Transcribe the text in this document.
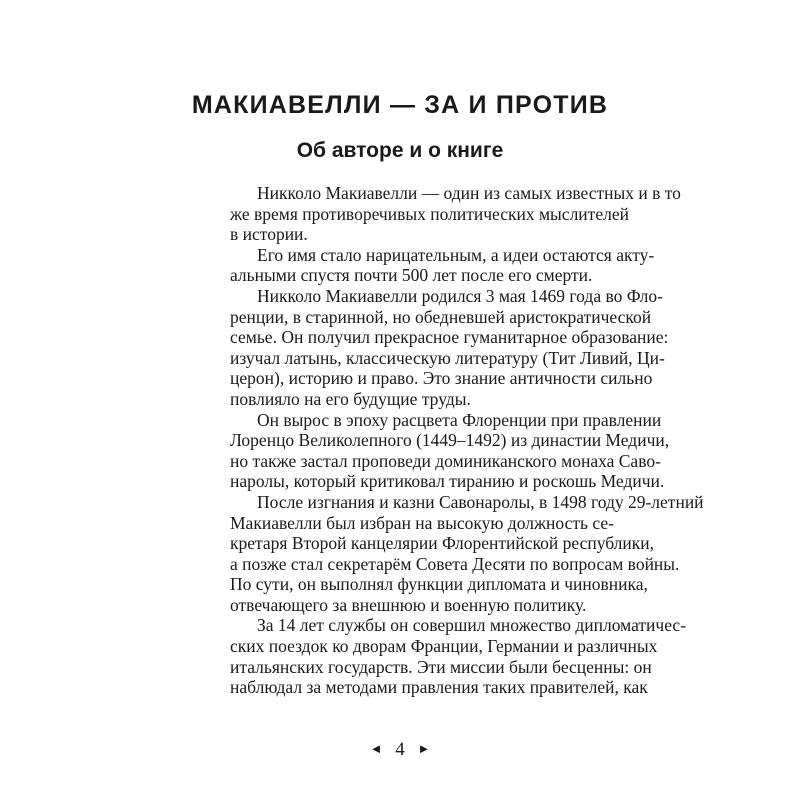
МАКИАВЕЛЛИ — ЗА И ПРОТИВ
Об авторе и о книге
Никколо Макиавелли — один из самых известных и в то
же время противоречивых политических мыслителей
в истории.
Его имя стало нарицательным, а идеи остаются акту-
альными спустя почти 500 лет после его смерти.
Никколо Макиавелли родился 3 мая 1469 года во Фло-
ренции, в старинной, но обедневшей аристократической
семье. Он получил прекрасное гуманитарное образование:
изучал латынь, классическую литературу (Тит Ливий, Ци-
церон), историю и право. Это знание античности сильно
повлияло на его будущие труды.
Он вырос в эпоху расцвета Флоренции при правлении
Лоренцо Великолепного (1449–1492) из династии Медичи,
но также застал проповеди доминиканского монаха Саво-
наролы, который критиковал тиранию и роскошь Медичи.
После изгнания и казни Савонаролы, в 1498 году 29-летний
Макиавелли был избран на высокую должность се-
кретаря Второй канцелярии Флорентийской республики,
а позже стал секретарём Совета Десяти по вопросам войны.
По сути, он выполнял функции дипломата и чиновника,
отвечающего за внешнюю и военную политику.
За 14 лет службы он совершил множество дипломатичес-
ских поездок ко дворам Франции, Германии и различных
итальянских государств. Эти миссии были бесценны: он
наблюдал за методами правления таких правителей, как
◄ 4 ►
